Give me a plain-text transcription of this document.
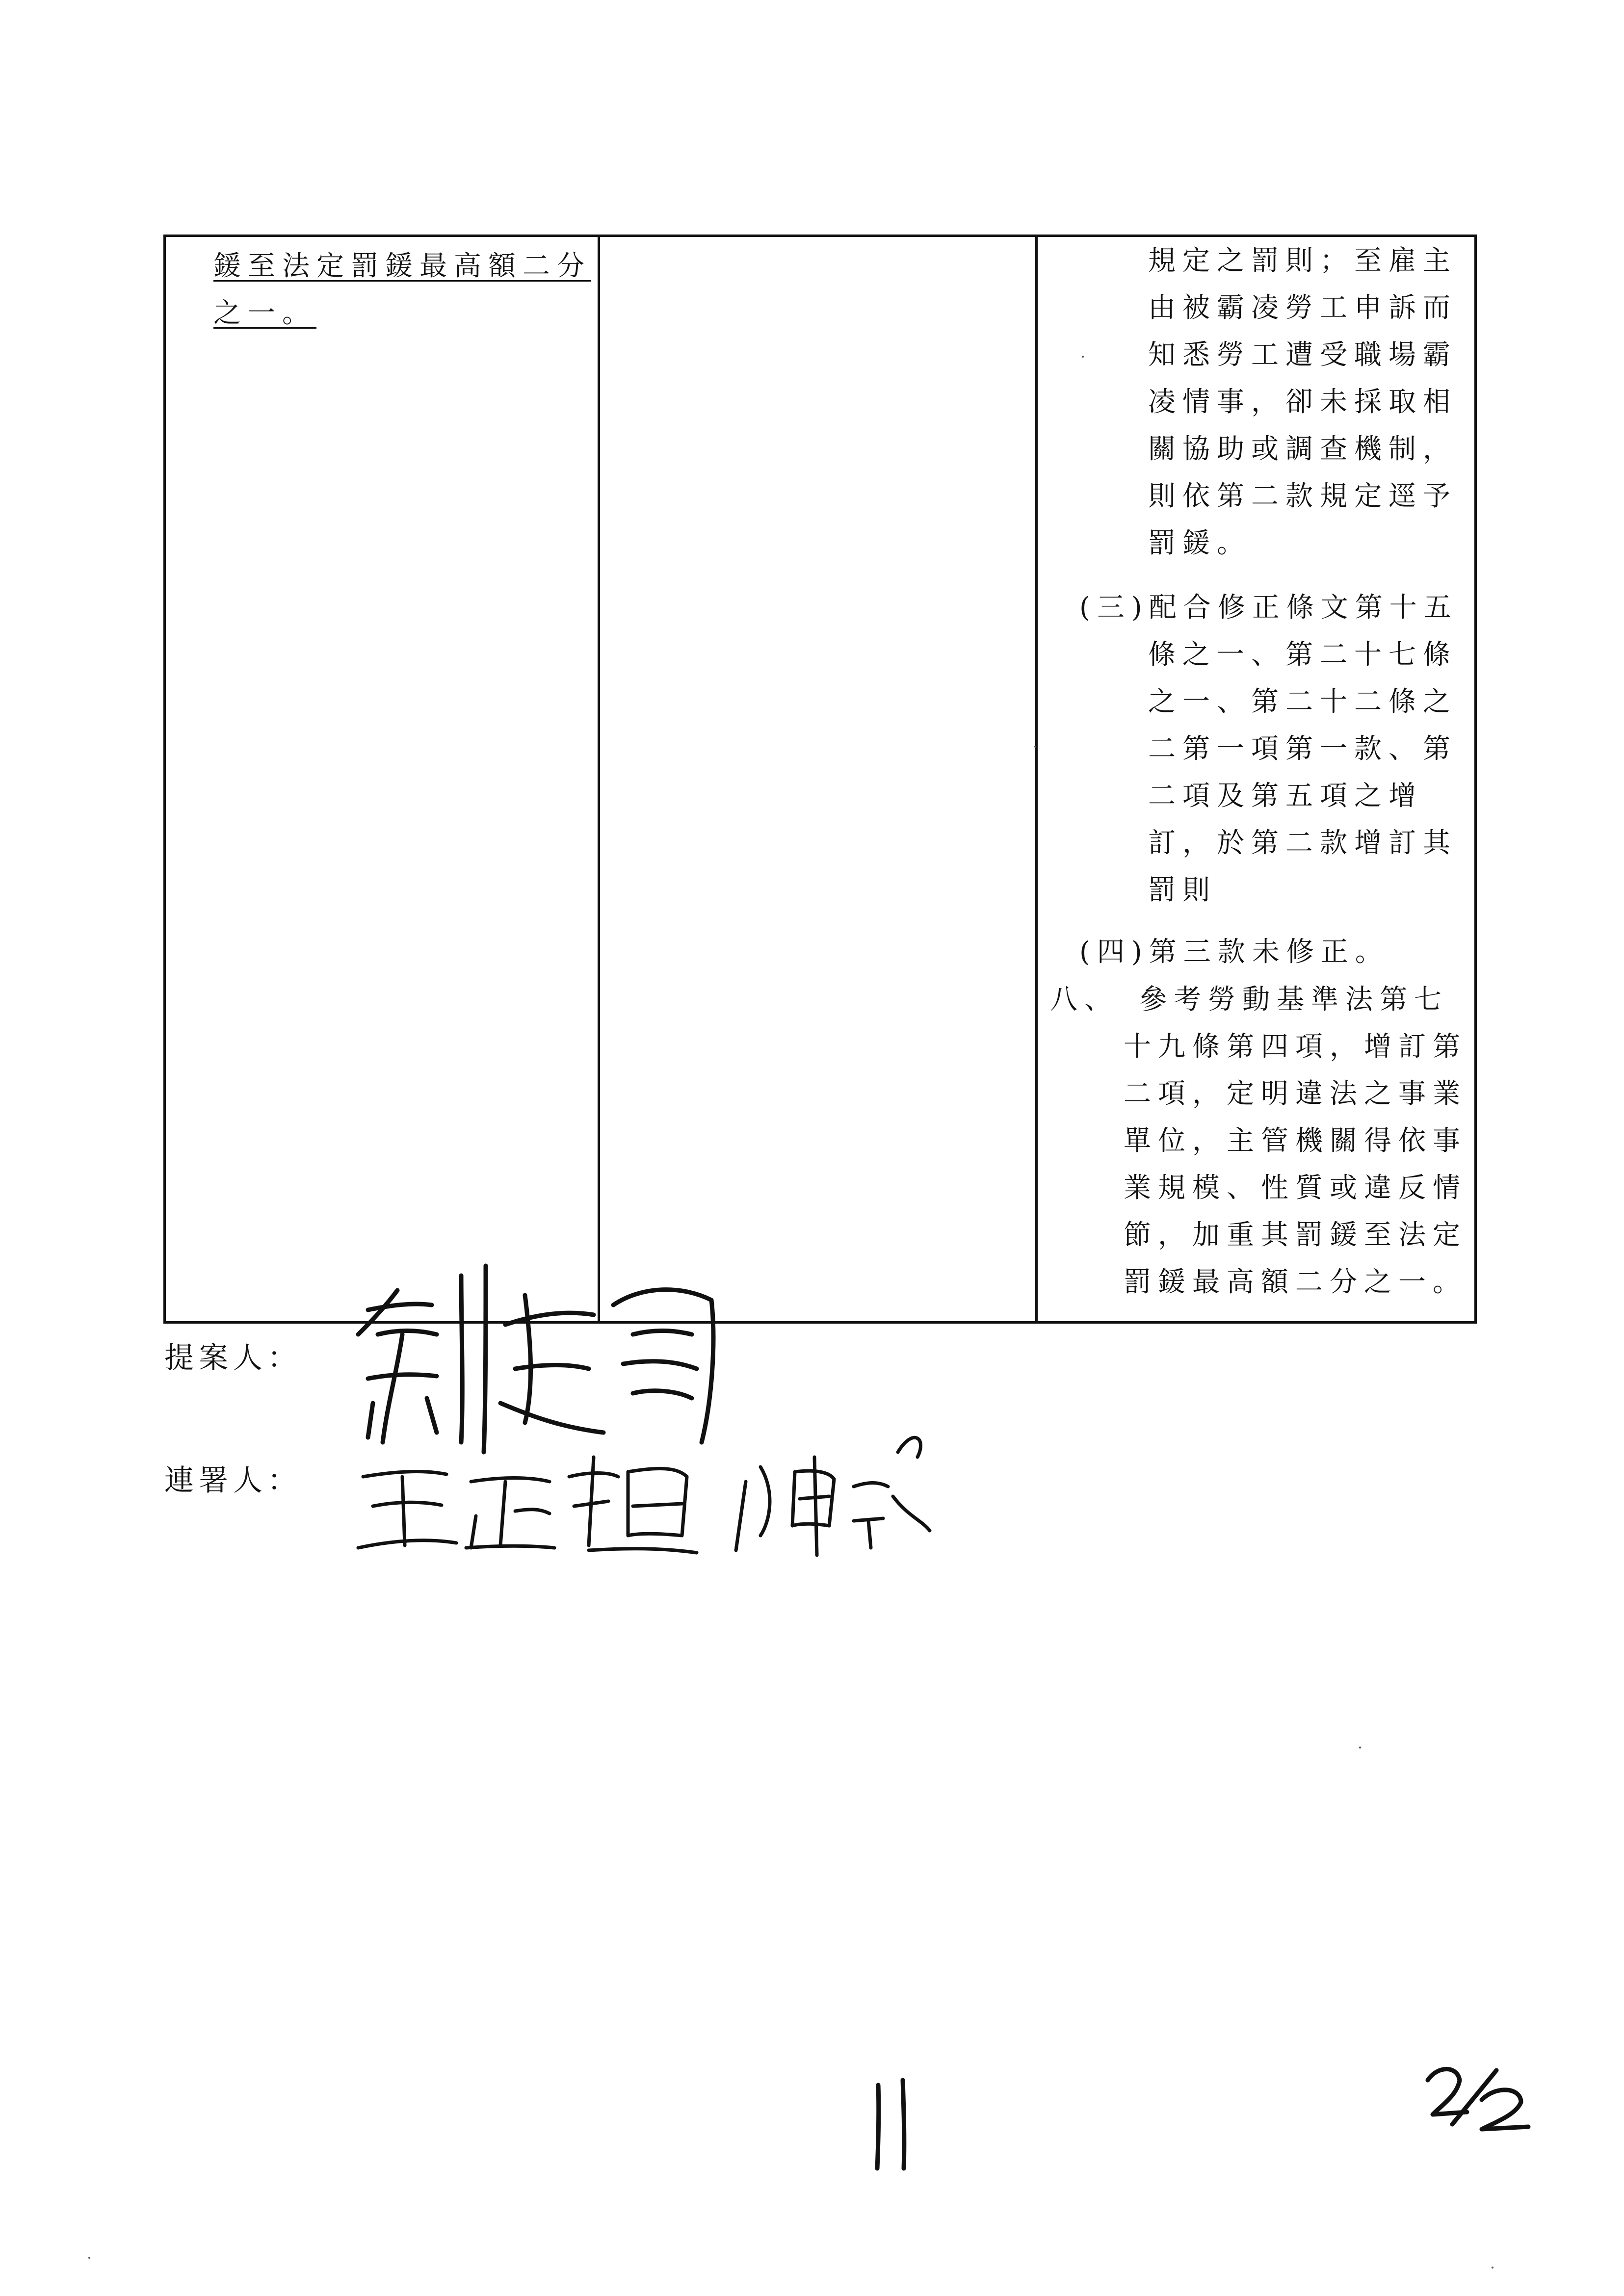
鍰至法定罰鍰最高額二分
之一。
規定之罰則；至雇主
由被霸凌勞工申訴而
知悉勞工遭受職場霸
凌情事，卻未採取相
關協助或調查機制，
則依第二款規定逕予
罰鍰。
(三)配合修正條文第十五
條之一、第二十七條
之一、第二十二條之
二第一項第一款、第
二項及第五項之增
訂，於第二款增訂其
罰則
(四)第三款未修正。
八、　參考勞動基準法第七
十九條第四項，增訂第
二項，定明違法之事業
單位，主管機關得依事
業規模、性質或違反情
節，加重其罰鍰至法定
罰鍰最高額二分之一。
提案人：
連署人：
